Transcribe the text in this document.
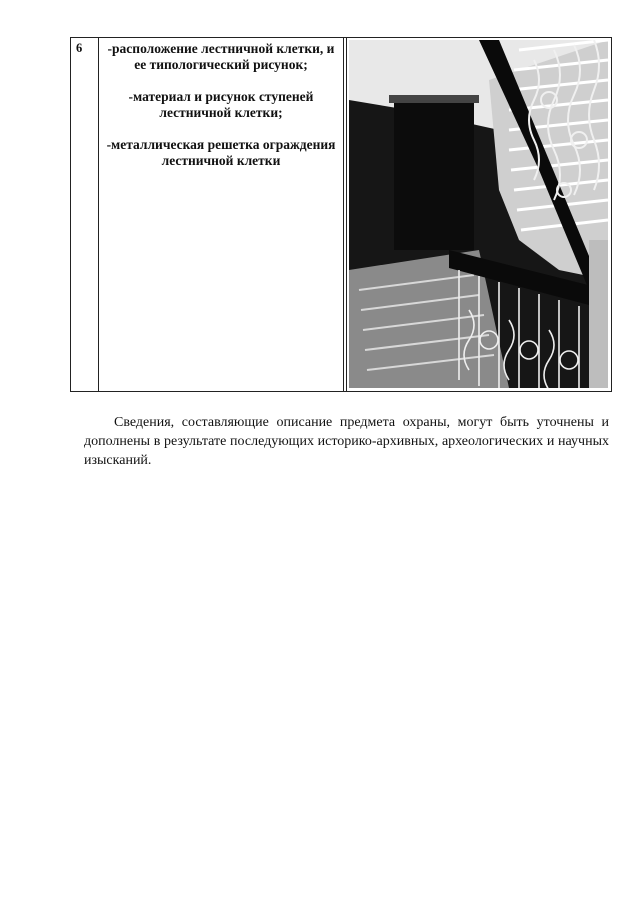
6	-расположение лестничной клетки, и ее типологический рисунок;

-материал и рисунок ступеней лестничной клетки;

-металлическая решетка ограждения лестничной клетки

Сведения, составляющие описание предмета охраны, могут быть уточнены и дополнены в результате последующих историко-архивных, археологических и научных изысканий.
